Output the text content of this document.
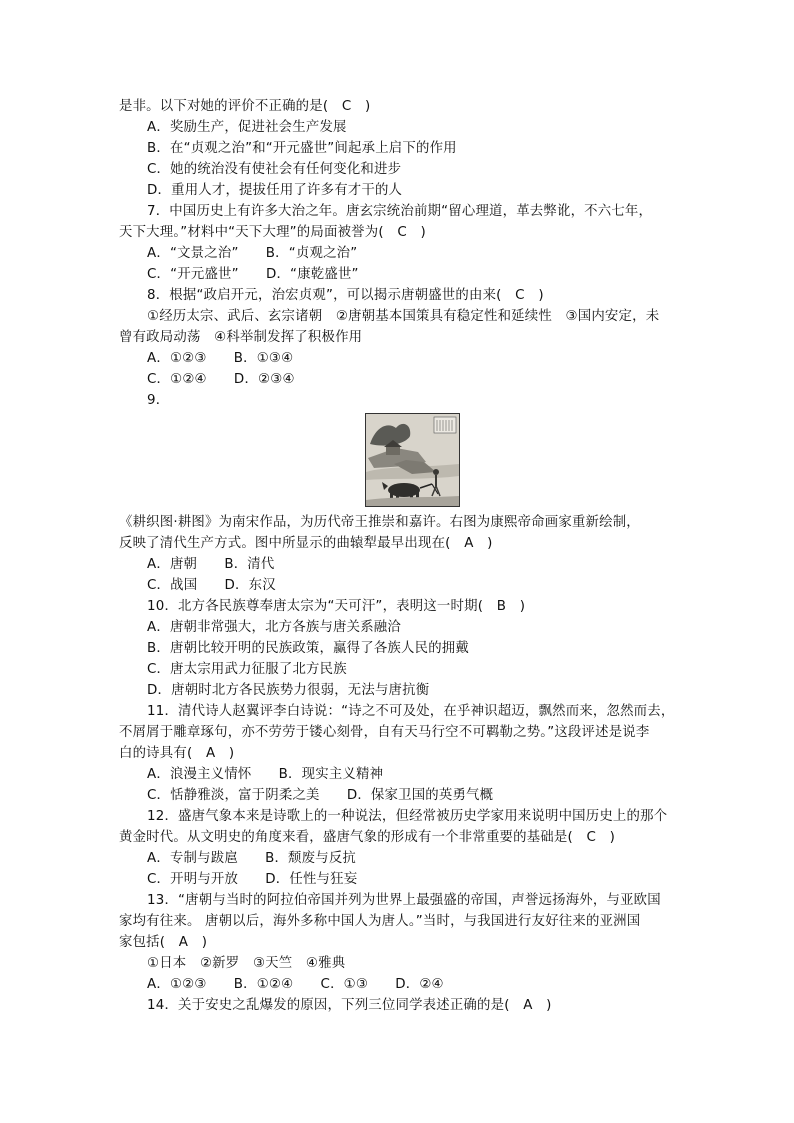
是非。以下对她的评价不正确的是(　C　)
A．奖励生产，促进社会生产发展
B．在“贞观之治”和“开元盛世”间起承上启下的作用
C．她的统治没有使社会有任何变化和进步
D．重用人才，提拔任用了许多有才干的人
7．中国历史上有许多大治之年。唐玄宗统治前期“留心理道，革去弊讹，不六七年，
天下大理。”材料中“天下大理”的局面被誉为(　C　)
A．“文景之治”　　B．“贞观之治”
C．“开元盛世”　　D．“康乾盛世”
8．根据“政启开元，治宏贞观”，可以揭示唐朝盛世的由来(　C　)
①经历太宗、武后、玄宗诸朝　②唐朝基本国策具有稳定性和延续性　③国内安定，未
曾有政局动荡　④科举制发挥了积极作用
A．①②③　　B．①③④
C．①②④　　D．②③④
9．
《耕织图·耕图》为南宋作品，为历代帝王推崇和嘉许。右图为康熙帝命画家重新绘制，
反映了清代生产方式。图中所显示的曲辕犁最早出现在(　A　)
A．唐朝　　B．清代
C．战国　　D．东汉
10．北方各民族尊奉唐太宗为“天可汗”，表明这一时期(　B　)
A．唐朝非常强大，北方各族与唐关系融洽
B．唐朝比较开明的民族政策，赢得了各族人民的拥戴
C．唐太宗用武力征服了北方民族
D．唐朝时北方各民族势力很弱，无法与唐抗衡
11．清代诗人赵翼评李白诗说：“诗之不可及处，在乎神识超迈，飘然而来，忽然而去，
不屑屑于雕章琢句，亦不劳劳于镂心刻骨，自有天马行空不可羁勒之势。”这段评述是说李
白的诗具有(　A　)
A．浪漫主义情怀　　B．现实主义精神
C．恬静雅淡，富于阴柔之美　　D．保家卫国的英勇气概
12．盛唐气象本来是诗歌上的一种说法，但经常被历史学家用来说明中国历史上的那个
黄金时代。从文明史的角度来看，盛唐气象的形成有一个非常重要的基础是(　C　)
A．专制与跋扈　　B．颓废与反抗
C．开明与开放　　D．任性与狂妄
13．“唐朝与当时的阿拉伯帝国并列为世界上最强盛的帝国，声誉远扬海外，与亚欧国
家均有往来。 唐朝以后，海外多称中国人为唐人。”当时，与我国进行友好往来的亚洲国
家包括(　A　)
①日本　②新罗　③天竺　④雅典
A．①②③　　B．①②④　　C．①③　　D．②④
14．关于安史之乱爆发的原因，下列三位同学表述正确的是(　A　)
